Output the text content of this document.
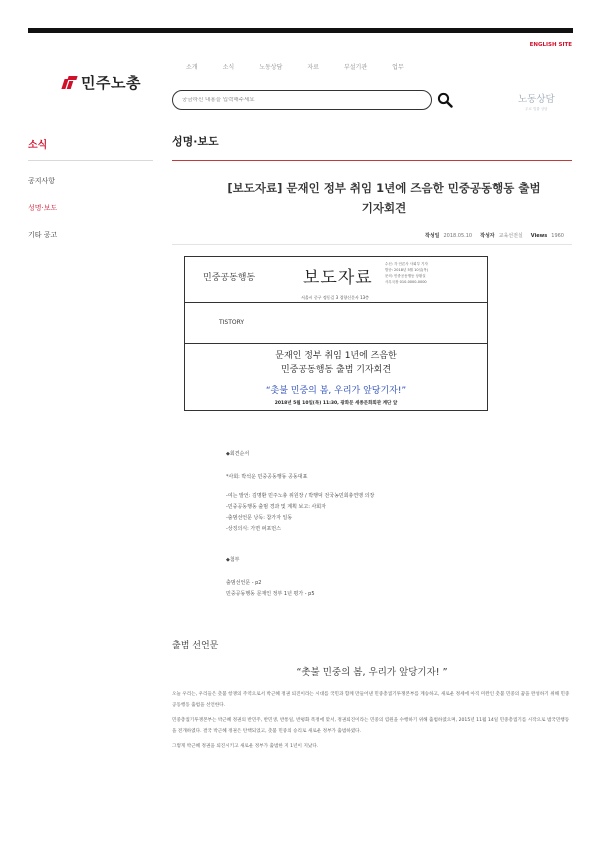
ENGLISH SITE
민주노총
소개	소식	노동상담	자료	부설기관	업무
궁금하신 내용을 입력해주세요
노동상담
무료 법률 상담
소식
공지사항
성명·보도
기타 공고
성명·보도
[보도자료] 문재인 정부 취임 1년에 즈음한 민중공동행동 출범
기자회견
작성일 2018.05.10 작성자 교육선전실 Views 1960
민중공동행동	보도자료
수신: 각 언론사 사회부 기자
발송: 2018년 5월 10일(목)
문의: 민중공동행동 상황실
사무국장 010-0000-0000
서울시 중구 정동길 3 경향신문사 13층
TISTORY
문재인 정부 취임 1년에 즈음한
민중공동행동 출범 기자회견
“촛불 민중의 봄, 우리가 앞당기자!”
2018년 5월 10일(목) 11:30, 광화문 세종문화회관 계단 앞
◆회견순서
*사회: 박석운 민중공동행동 공동대표
-여는 발언: 김명환 민주노총 위원장 / 박행덕 전국농민회총연맹 의장
-민중공동행동 출범 경과 및 계획 보고: 사회자
-출범선언문 낭독: 참가자 일동
-상징의식: 가면 퍼포먼스
◆첨부
출범선언문 - p2
민중공동행동 문재인 정부 1년 평가 - p5
출범 선언문
“촛불 민중의 봄, 우리가 앞당기자! ”

오늘 우리는, 우리들은 촛불 항쟁의 주역으로서 박근혜 정권 퇴진이라는 시대를 국민과 함께 만들어낸 민중총궐기투쟁본부를 계승하고, 새로운 정세에 아직 미완인 촛불 민중의 꿈을 완성하기 위해 민중공동행동 출범을 선언한다.

민중총궐기투쟁본부는 박근혜 정권의 반민주, 반민생, 반통일, 반평화 폭정에 맞서, 정권퇴진이라는 민중의 염원을 수행하기 위해 출범하였으며, 2015년 11월 14일 민중총궐기를 시작으로 범국민행동을 전개하였다. 결국 박근혜 정권은 탄핵되었고, 촛불 민중의 승리로 새로운 정부가 출범하였다.

그렇게 박근혜 정권을 퇴진시키고 새로운 정부가 출범한 지 1년이 지났다.
